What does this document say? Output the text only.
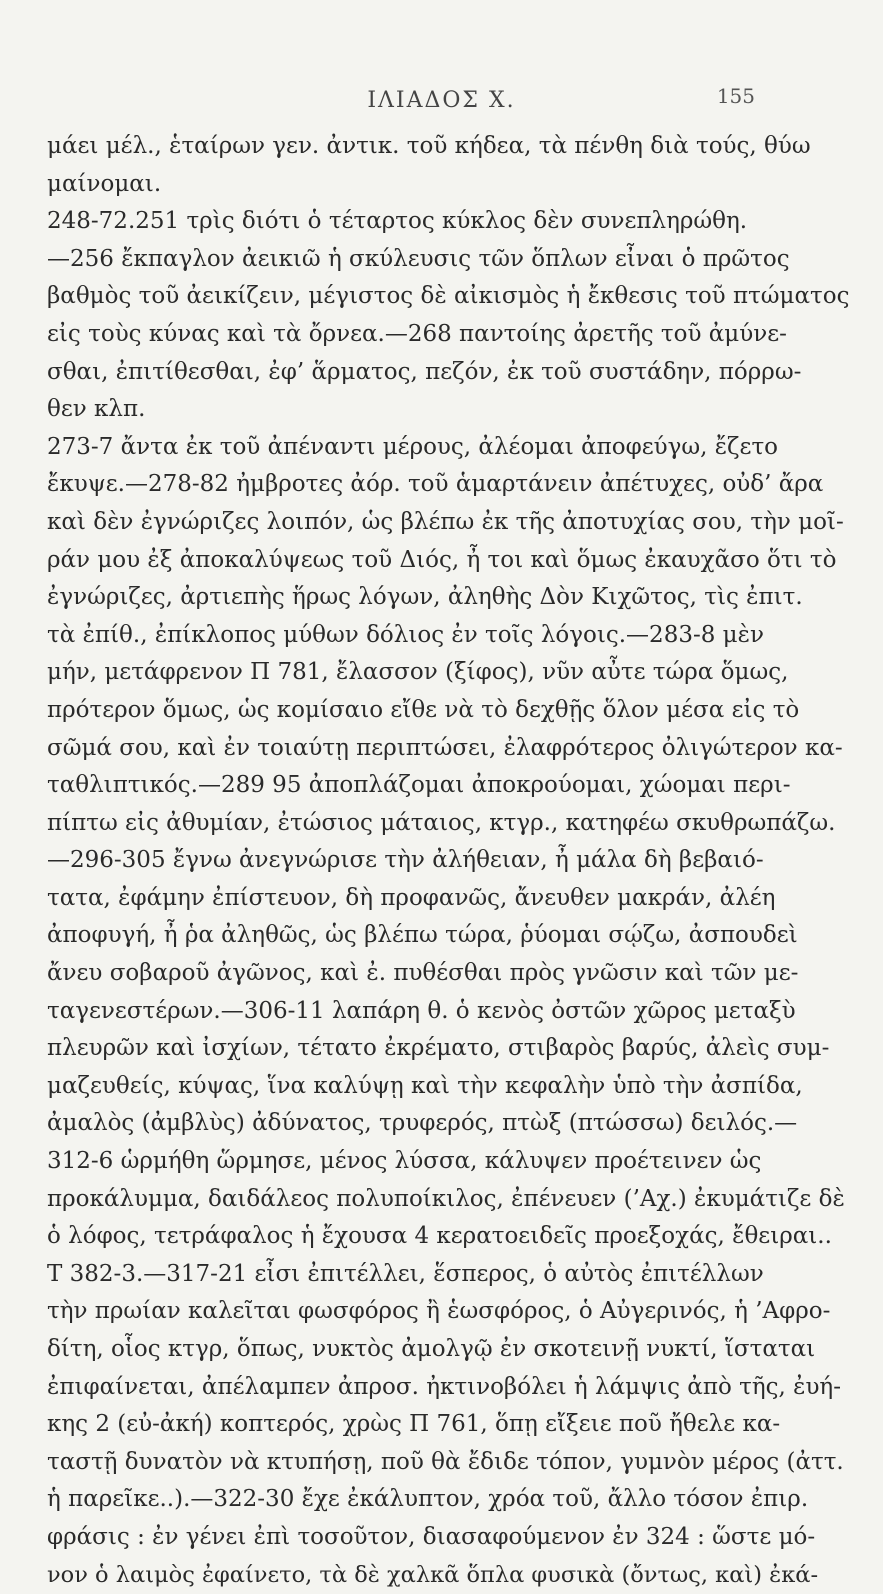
ΙΛΙΑΔΟΣ Χ.	155
μάει μέλ., ἑταίρων γεν. ἀντικ. τοῦ κήδεα, τὰ πένθη διὰ τούς, θύω
μαίνομαι.
248-72.251 τρὶς διότι ὁ τέταρτος κύκλος δὲν συνεπληρώθη.
—256 ἔκπαγλον ἀεικιῶ ἡ σκύλευσις τῶν ὅπλων εἶναι ὁ πρῶτος
βαθμὸς τοῦ ἀεικίζειν, μέγιστος δὲ αἰκισμὸς ἡ ἔκθεσις τοῦ πτώματος
εἰς τοὺς κύνας καὶ τὰ ὄρνεα.—268 παντοίης ἀρετῆς τοῦ ἀμύνε-
σθαι, ἐπιτίθεσθαι, ἐφ’ ἅρματος, πεζόν, ἐκ τοῦ συστάδην, πόρρω-
θεν κλπ.
273-7 ἄντα ἐκ τοῦ ἀπέναντι μέρους, ἀλέομαι ἀποφεύγω, ἔζετο
ἔκυψε.—278-82 ἠμβροτες ἀόρ. τοῦ ἁμαρτάνειν ἀπέτυχες, οὐδ’ ἄρα
καὶ δὲν ἐγνώριζες λοιπόν, ὡς βλέπω ἐκ τῆς ἀποτυχίας σου, τὴν μοῖ-
ράν μου ἐξ ἀποκαλύψεως τοῦ Διός, ἦ τοι καὶ ὅμως ἐκαυχᾶσο ὅτι τὸ
ἐγνώριζες, ἀρτιεπὴς ἥρως λόγων, ἀληθὴς Δὸν Κιχῶτος, τὶς ἐπιτ.
τὰ ἐπίθ., ἐπίκλοπος μύθων δόλιος ἐν τοῖς λόγοις.—283-8 μὲν
μήν, μετάφρενον Π 781, ἔλασσον (ξίφος), νῦν αὖτε τώρα ὅμως,
πρότερον ὅμως, ὡς κομίσαιο εἴθε νὰ τὸ δεχθῇς ὅλον μέσα εἰς τὸ
σῶμά σου, καὶ ἐν τοιαύτῃ περιπτώσει, ἐλαφρότερος ὀλιγώτερον κα-
ταθλιπτικός.—289 95 ἀποπλάζομαι ἀποκρούομαι, χώομαι περι-
πίπτω εἰς ἀθυμίαν, ἐτώσιος μάταιος, κτγρ., κατηφέω σκυθρωπάζω.
—296-305 ἔγνω ἀνεγνώρισε τὴν ἀλήθειαν, ἦ μάλα δὴ βεβαιό-
τατα, ἐφάμην ἐπίστευον, δὴ προφανῶς, ἄνευθεν μακράν, ἀλέη
ἀποφυγή, ἦ ῥα ἀληθῶς, ὡς βλέπω τώρα, ῥύομαι σῴζω, ἀσπουδεὶ
ἄνευ σοβαροῦ ἀγῶνος, καὶ ἐ. πυθέσθαι πρὸς γνῶσιν καὶ τῶν με-
ταγενεστέρων.—306-11 λαπάρη θ. ὁ κενὸς ὀστῶν χῶρος μεταξὺ
πλευρῶν καὶ ἰσχίων, τέτατο ἐκρέματο, στιβαρὸς βαρύς, ἀλεὶς συμ-
μαζευθείς, κύψας, ἵνα καλύψῃ καὶ τὴν κεφαλὴν ὑπὸ τὴν ἀσπίδα,
ἀμαλὸς (ἀμβλὺς) ἀδύνατος, τρυφερός, πτὼξ (πτώσσω) δειλός.—
312-6 ὡρμήθη ὥρμησε, μένος λύσσα, κάλυψεν προέτεινεν ὡς
προκάλυμμα, δαιδάλεος πολυποίκιλος, ἐπένευεν (’Αχ.) ἐκυμάτιζε δὲ
ὁ λόφος, τετράφαλος ἡ ἔχουσα 4 κερατοειδεῖς προεξοχάς, ἔθειραι..
Τ 382-3.—317-21 εἶσι ἐπιτέλλει, ἕσπερος, ὁ αὐτὸς ἐπιτέλλων
τὴν πρωίαν καλεῖται φωσφόρος ἢ ἑωσφόρος, ὁ Αὐγερινός, ἡ ’Αφρο-
δίτη, οἷος κτγρ, ὅπως, νυκτὸς ἀμολγῷ ἐν σκοτεινῇ νυκτί, ἵσταται
ἐπιφαίνεται, ἀπέλαμπεν ἀπροσ. ἠκτινοβόλει ἡ λάμψις ἀπὸ τῆς, ἐυή-
κης 2 (εὐ-ἀκή) κοπτερός, χρὼς Π 761, ὅπῃ εἴξειε ποῦ ἤθελε κα-
ταστῇ δυνατὸν νὰ κτυπήσῃ, ποῦ θὰ ἔδιδε τόπον, γυμνὸν μέρος (ἀττ.
ἡ παρεῖκε..).—322-30 ἔχε ἐκάλυπτον, χρόα τοῦ, ἄλλο τόσον ἐπιρ.
φράσις : ἐν γένει ἐπὶ τοσοῦτον, διασαφούμενον ἐν 324 : ὥστε μό-
νον ὁ λαιμὸς ἐφαίνετο, τὰ δὲ χαλκᾶ ὅπλα φυσικὰ (ὄντως, καὶ) ἐκά-
